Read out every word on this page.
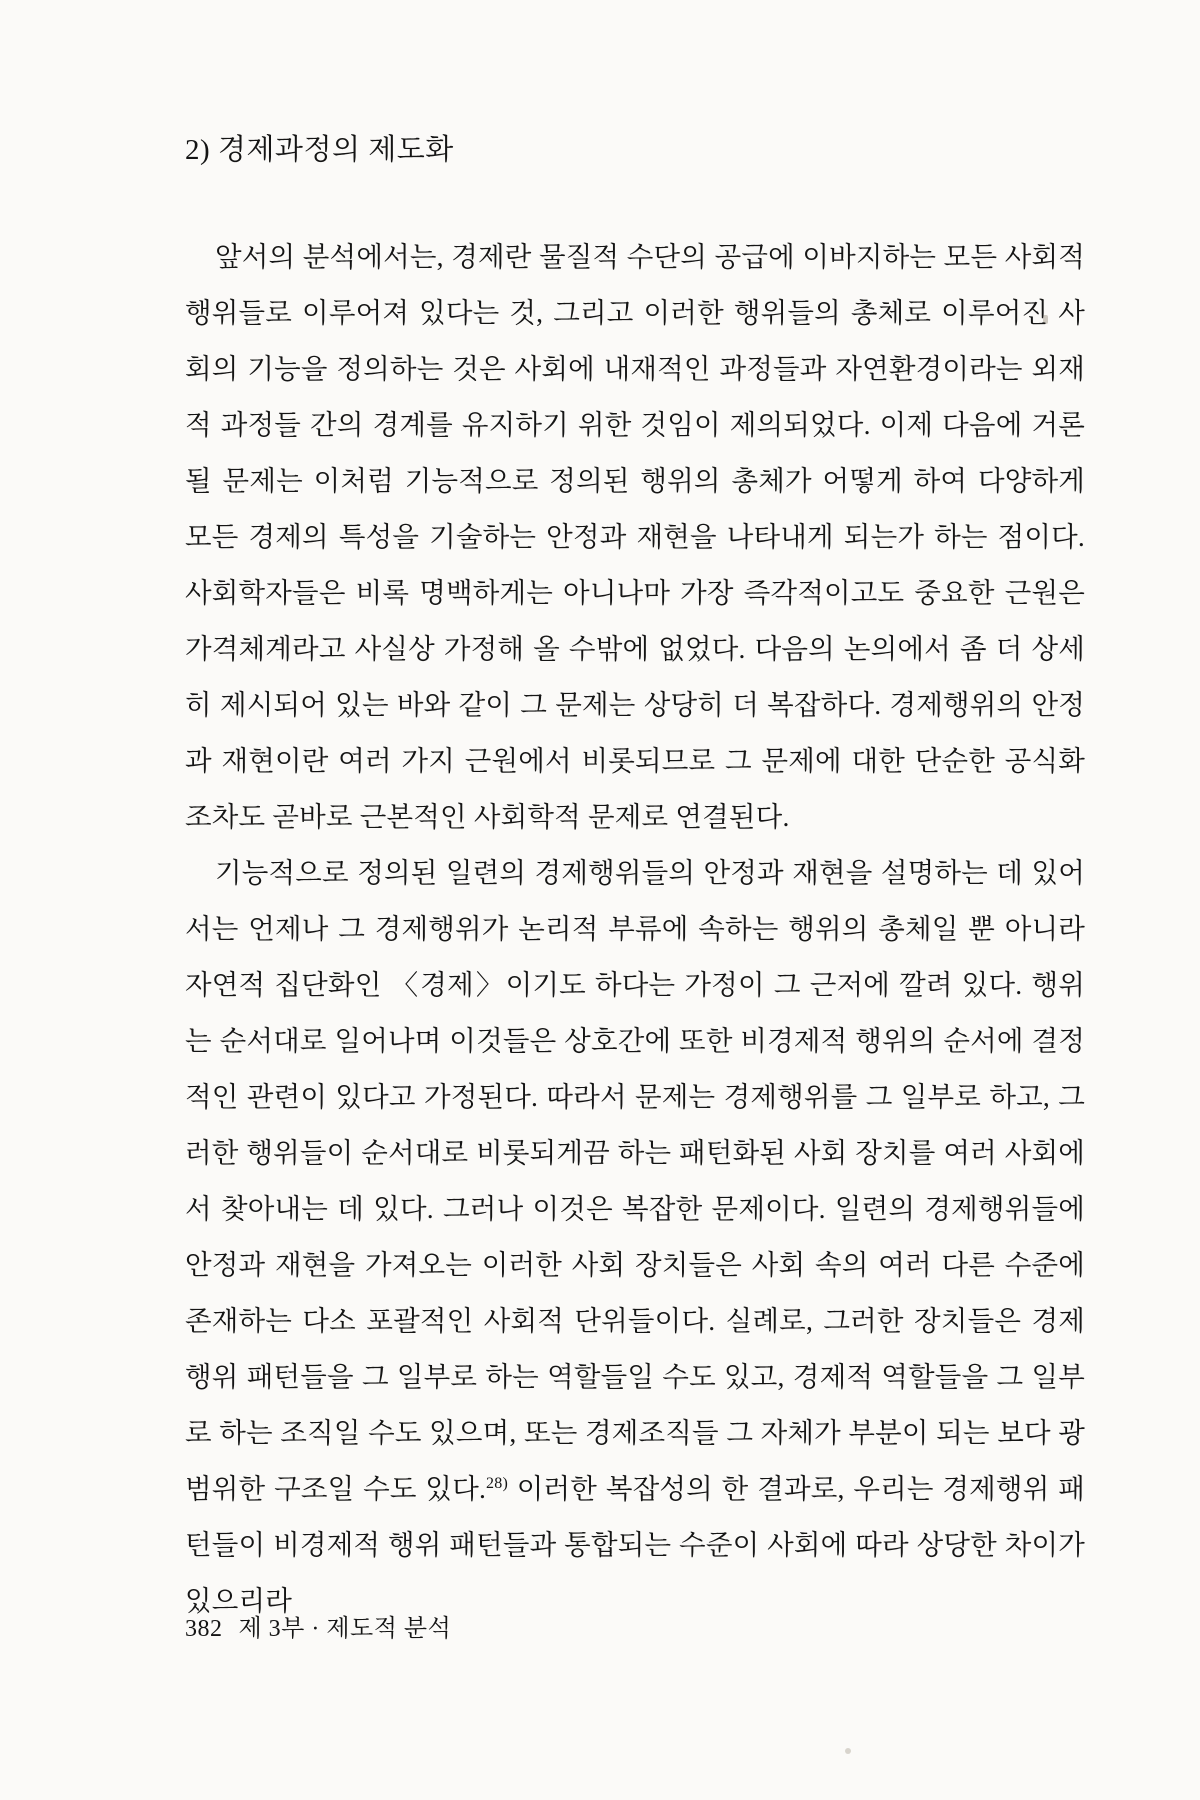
2) 경제과정의 제도화

앞서의 분석에서는, 경제란 물질적 수단의 공급에 이바지하는 모든 사회적 행위들로 이루어져 있다는 것, 그리고 이러한 행위들의 총체로 이루어진 사회의 기능을 정의하는 것은 사회에 내재적인 과정들과 자연환경이라는 외재적 과정들 간의 경계를 유지하기 위한 것임이 제의되었다. 이제 다음에 거론될 문제는 이처럼 기능적으로 정의된 행위의 총체가 어떻게 하여 다양하게 모든 경제의 특성을 기술하는 안정과 재현을 나타내게 되는가 하는 점이다. 사회학자들은 비록 명백하게는 아니나마 가장 즉각적이고도 중요한 근원은 가격체계라고 사실상 가정해 올 수밖에 없었다. 다음의 논의에서 좀 더 상세히 제시되어 있는 바와 같이 그 문제는 상당히 더 복잡하다. 경제행위의 안정과 재현이란 여러 가지 근원에서 비롯되므로 그 문제에 대한 단순한 공식화조차도 곧바로 근본적인 사회학적 문제로 연결된다.

기능적으로 정의된 일련의 경제행위들의 안정과 재현을 설명하는 데 있어서는 언제나 그 경제행위가 논리적 부류에 속하는 행위의 총체일 뿐 아니라 자연적 집단화인 〈경제〉이기도 하다는 가정이 그 근저에 깔려 있다. 행위는 순서대로 일어나며 이것들은 상호간에 또한 비경제적 행위의 순서에 결정적인 관련이 있다고 가정된다. 따라서 문제는 경제행위를 그 일부로 하고, 그러한 행위들이 순서대로 비롯되게끔 하는 패턴화된 사회 장치를 여러 사회에서 찾아내는 데 있다. 그러나 이것은 복잡한 문제이다. 일련의 경제행위들에 안정과 재현을 가져오는 이러한 사회 장치들은 사회 속의 여러 다른 수준에 존재하는 다소 포괄적인 사회적 단위들이다. 실례로, 그러한 장치들은 경제행위 패턴들을 그 일부로 하는 역할들일 수도 있고, 경제적 역할들을 그 일부로 하는 조직일 수도 있으며, 또는 경제조직들 그 자체가 부분이 되는 보다 광범위한 구조일 수도 있다.$^{28)}$ 이러한 복잡성의 한 결과로, 우리는 경제행위 패턴들이 비경제적 행위 패턴들과 통합되는 수준이 사회에 따라 상당한 차이가 있으리라

382 제 3부 · 제도적 분석
